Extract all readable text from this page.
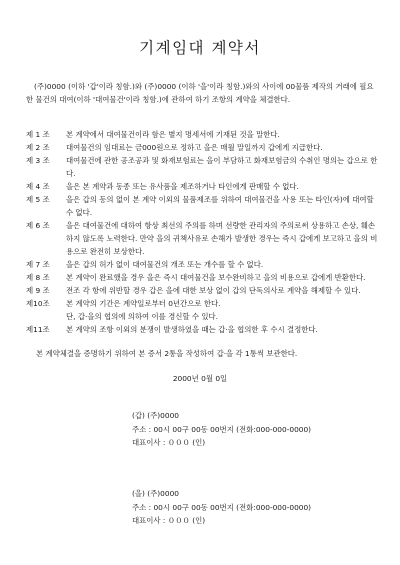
기계임대 계약서

(주)0000 (이하 '갑'이라 칭함.)와 (주)0000 (이하 '을'이라 칭함.)와의 사이에 00물품 제작의 거래에 필요한 물건의 대여(이하 '대여물건'이라 칭함.)에 관하여 하기 조항의 계약을 체결한다.

제 1 조	본 계약에서 대여물건이라 함은 별지 명세서에 기재된 것을 말한다.
제 2 조	대여물건의 임대료는 금000원으로 정하고 을은 매월 말일까지 갑에게 지급한다.
제 3 조	대여물건에 관한 공조공과 및 화재보험료는 을이 부담하고 화재보험금의 수취인 명의는 갑으로 한다.
제 4 조	을은 본 계약과 동종 또는 유사품을 제조하거나 타인에게 판매할 수 없다.
제 5 조	을은 갑의 동의 없이 본 계약 이외의 물품제조를 위하여 대여물건을 사용 또는 타인(자)에 대여할 수 없다.
제 6 조	을은 대여물건에 대하여 항상 최선의 주의를 하며 선량한 관리자의 주의로써 상용하고 손상, 훼손하지 않도록 노력한다. 만약 을의 귀책사유로 손해가 발생한 경우는 즉시 갑에게 보고하고 을의 비용으로 완전히 보상한다.
제 7 조	을은 갑의 허가 없이 대여물건의 개조 또는 개수를 할 수 없다.
제 8 조	본 계약이 완료했을 경우 을은 즉시 대여물건을 보수완비하고 을의 비용으로 갑에게 반환한다.
제 9 조	전조 각 항에 위반할 경우 갑은 을에 대한 보상 없이 갑의 단독의사로 계약을 해제할 수 있다.
제10조	본 계약의 기간은 계약일로부터 0년간으로 한다.
단, 갑·을의 협의에 의하여 이를 경신할 수 있다.
제11조	본 계약의 조항 이외의 분쟁이 발생하였을 때는 갑·을 협의한 후 수시 결정한다.

본 계약체결을 증명하기 위하여 본 증서 2통을 작성하여 갑·을 각 1통씩 보관한다.

2000년 0월 0일

(갑) (주)0000
주소 : 00시 00구 00동 00번지 (전화:000-000-0000)
대표이사 : ０００ (인)
(을) (주)0000
주소 : 00시 00구 00동 00번지 (전화:000-000-0000)
대표이사 : ０００ (인)
